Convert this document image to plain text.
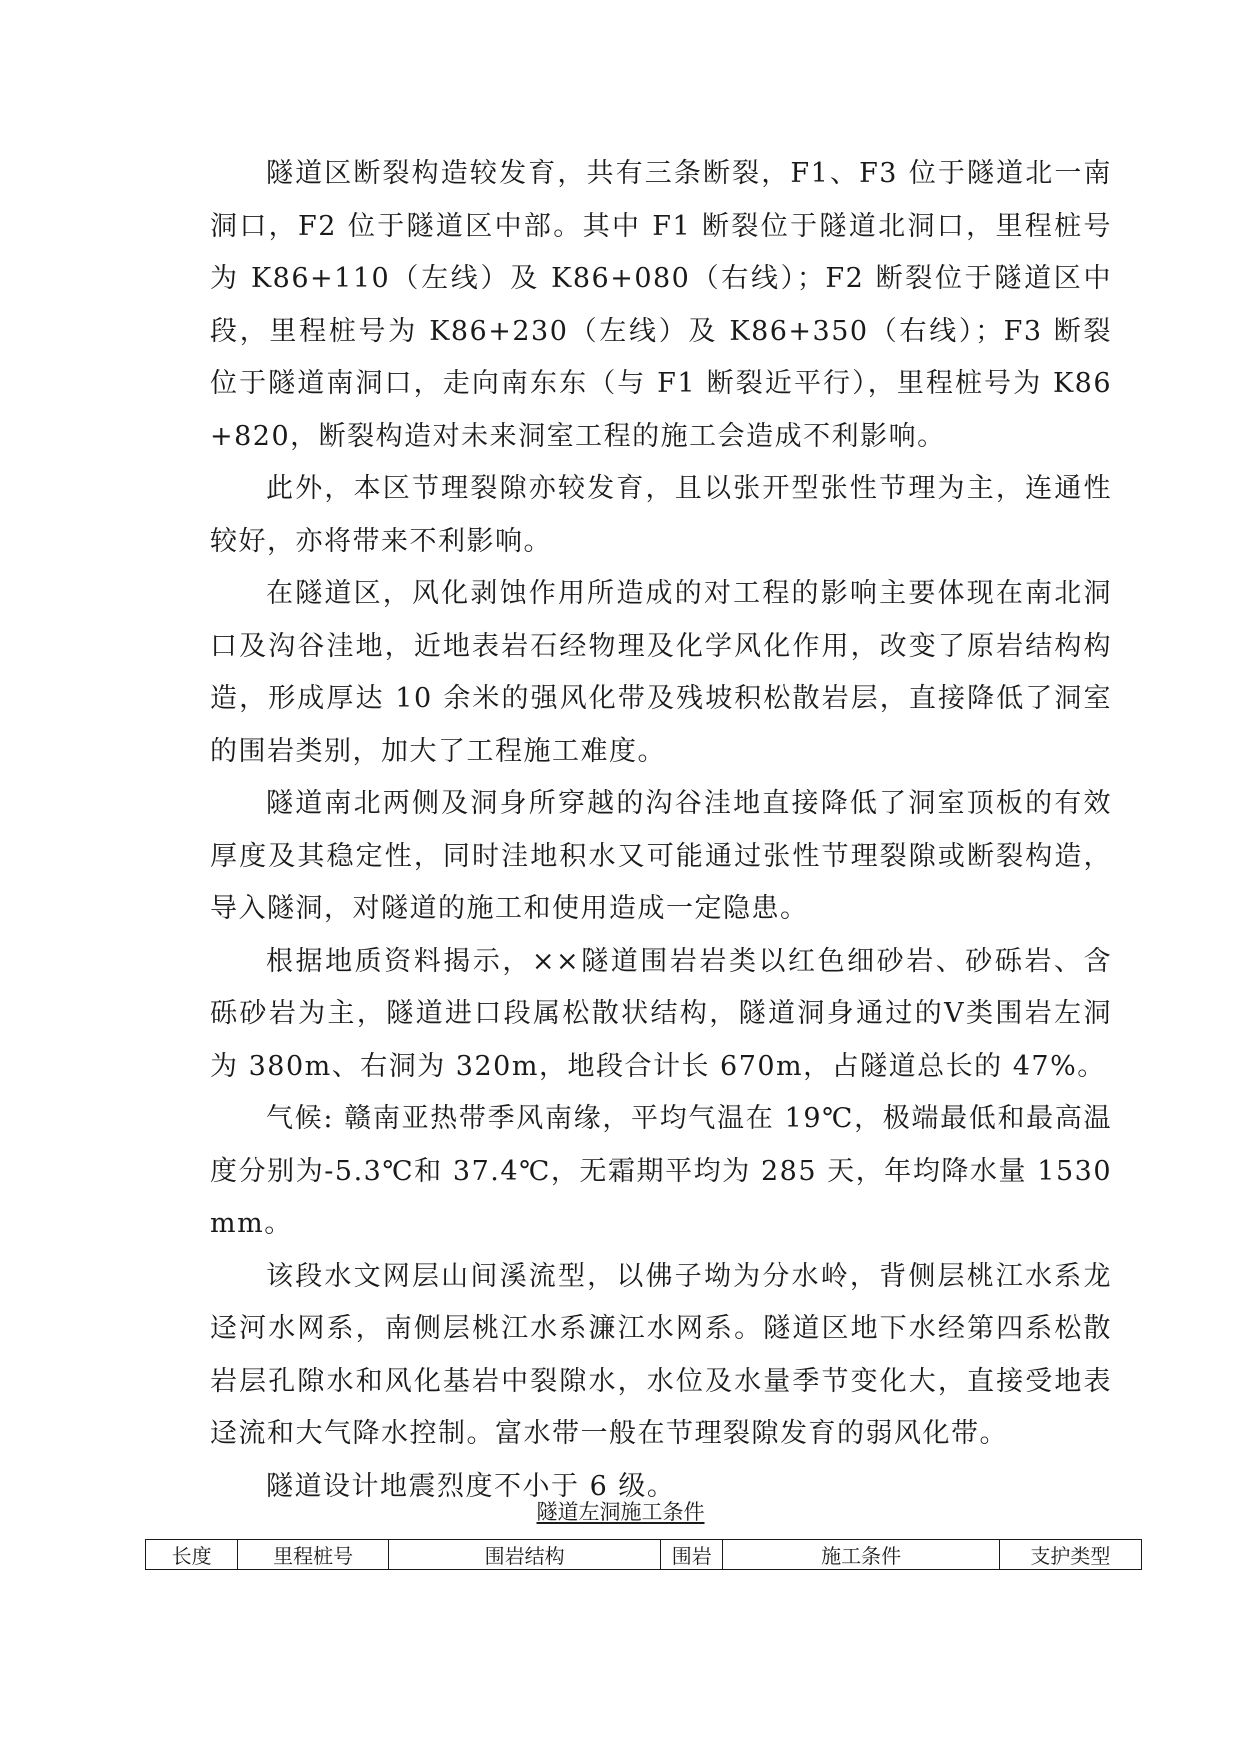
隧道区断裂构造较发育，共有三条断裂，F1、F3 位于隧道北一南洞口，F2 位于隧道区中部。其中 F1 断裂位于隧道北洞口，里程桩号为 K86+110（左线）及 K86+080（右线）；F2 断裂位于隧道区中段，里程桩号为 K86+230（左线）及 K86+350（右线）；F3 断裂位于隧道南洞口，走向南东东（与 F1 断裂近平行），里程桩号为 K86+820，断裂构造对未来洞室工程的施工会造成不利影响。

此外，本区节理裂隙亦较发育，且以张开型张性节理为主，连通性较好，亦将带来不利影响。

在隧道区，风化剥蚀作用所造成的对工程的影响主要体现在南北洞口及沟谷洼地，近地表岩石经物理及化学风化作用，改变了原岩结构构造，形成厚达 10 余米的强风化带及残坡积松散岩层，直接降低了洞室的围岩类别，加大了工程施工难度。

隧道南北两侧及洞身所穿越的沟谷洼地直接降低了洞室顶板的有效厚度及其稳定性，同时洼地积水又可能通过张性节理裂隙或断裂构造，导入隧洞，对隧道的施工和使用造成一定隐患。

根据地质资料揭示，××隧道围岩岩类以红色细砂岩、砂砾岩、含砾砂岩为主，隧道进口段属松散状结构，隧道洞身通过的Ⅴ类围岩左洞为 380m、右洞为 320m，地段合计长 670m，占隧道总长的 47%。

气候: 赣南亚热带季风南缘，平均气温在 19℃，极端最低和最高温度分别为-5.3℃和 37.4℃，无霜期平均为 285 天，年均降水量 1530mm。

该段水文网层山间溪流型，以佛子坳为分水岭，背侧层桃江水系龙迳河水网系，南侧层桃江水系濂江水网系。隧道区地下水经第四系松散岩层孔隙水和风化基岩中裂隙水，水位及水量季节变化大，直接受地表迳流和大气降水控制。富水带一般在节理裂隙发育的弱风化带。

隧道设计地震烈度不小于 6 级。

隧道左洞施工条件
长度	里程桩号	围岩结构	围岩	施工条件	支护类型
